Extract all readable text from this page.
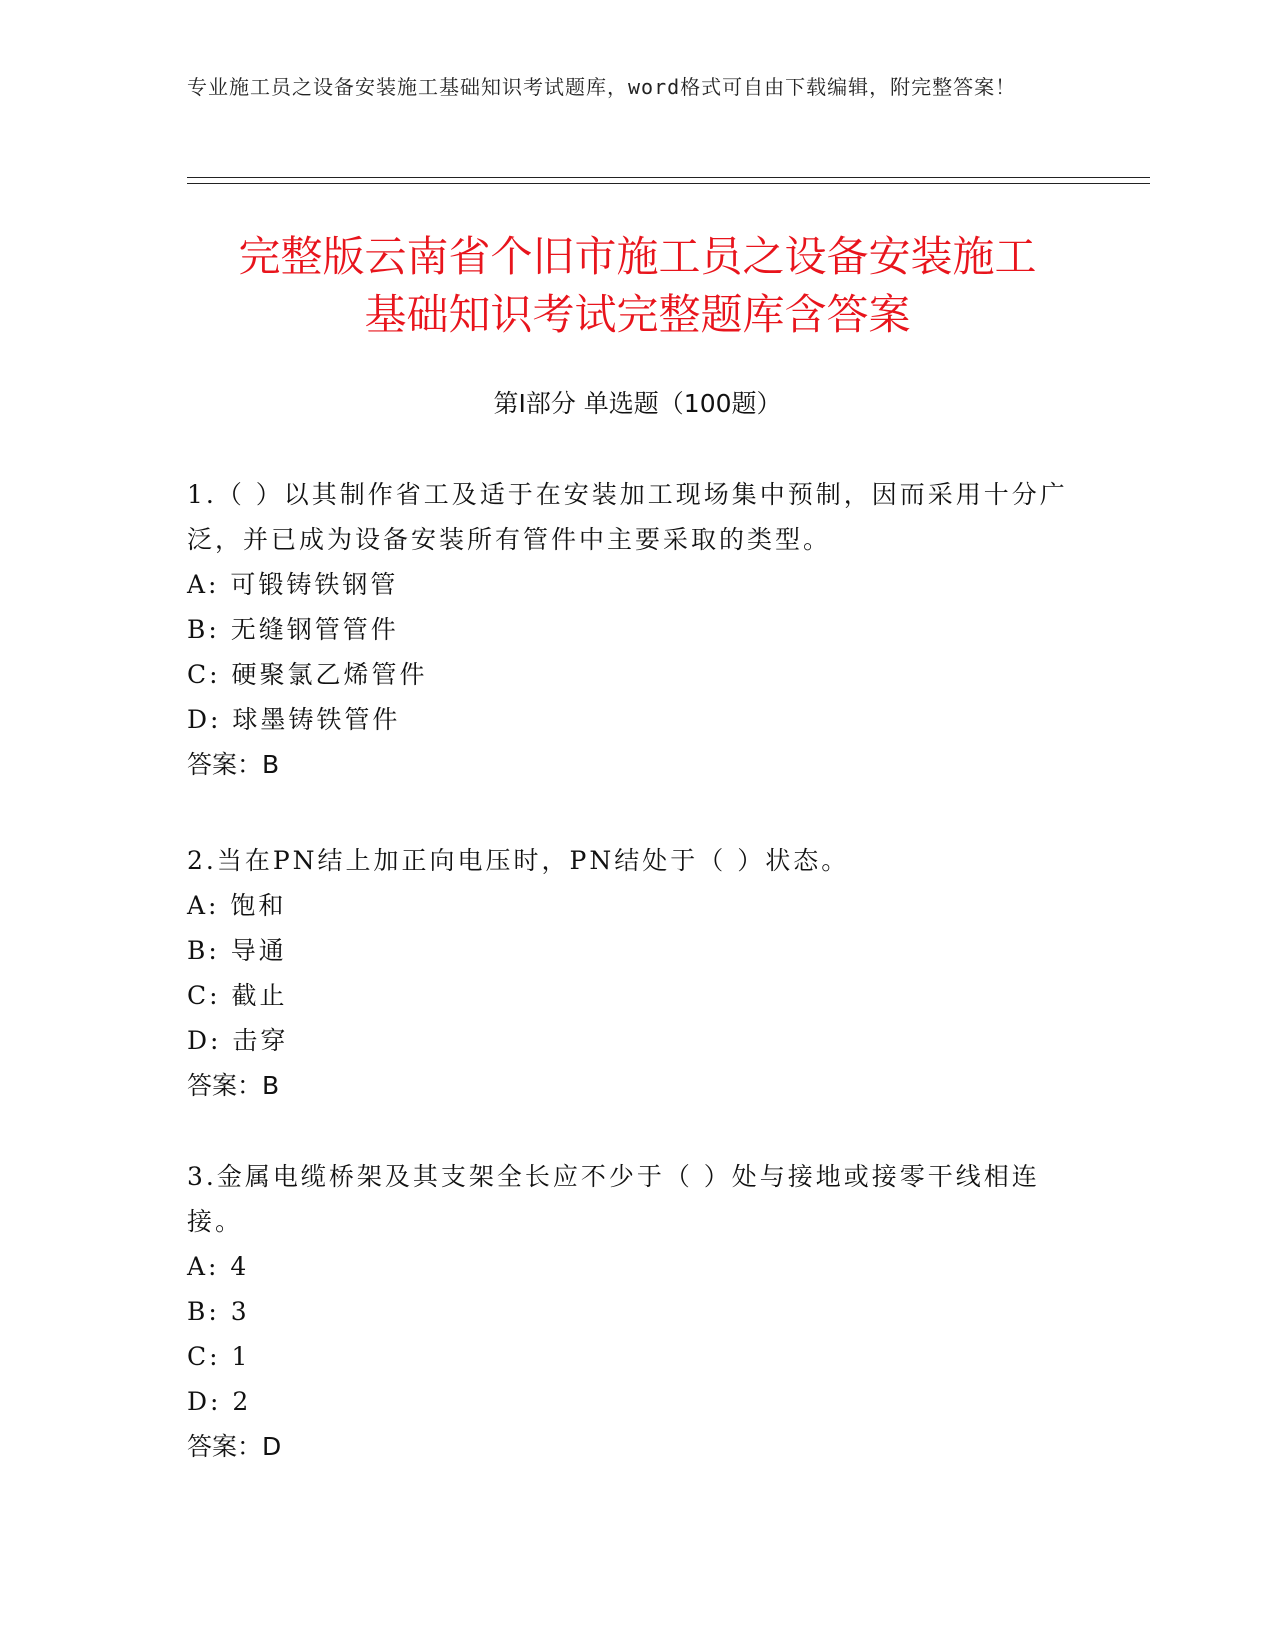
专业施工员之设备安装施工基础知识考试题库，word格式可自由下载编辑，附完整答案！
完整版云南省个旧市施工员之设备安装施工
基础知识考试完整题库含答案
第Ⅰ部分 单选题（100题）

1.（ ）以其制作省工及适于在安装加工现场集中预制，因而采用十分广泛，并已成为设备安装所有管件中主要采取的类型。

A: 可锻铸铁钢管

B: 无缝钢管管件

C: 硬聚氯乙烯管件

D: 球墨铸铁管件

答案：B

2.当在PN结上加正向电压时，PN结处于（ ）状态。

A: 饱和

B: 导通

C: 截止

D: 击穿

答案：B

3.金属电缆桥架及其支架全长应不少于（ ）处与接地或接零干线相连接。

A: 4

B: 3

C: 1

D: 2

答案：D
